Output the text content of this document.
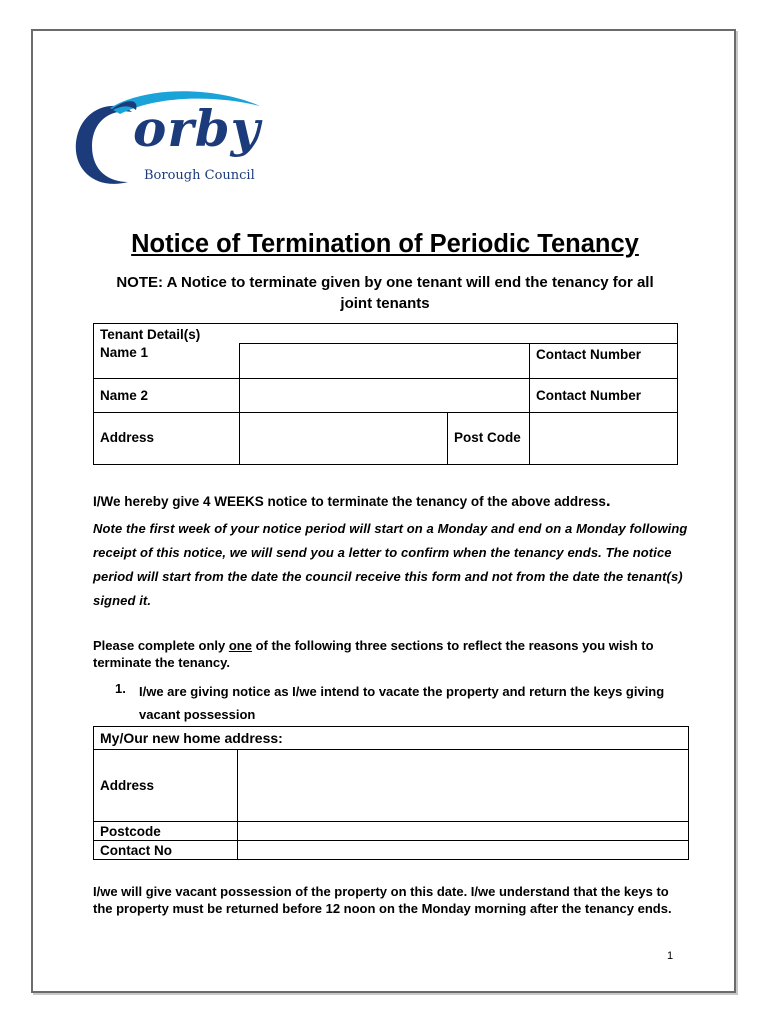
orby
Borough Council
Notice of Termination of Periodic Tenancy
NOTE: A Notice to terminate given by one tenant will end the tenancy for all joint tenants
Tenant Detail(s)			
Name 1			Contact Number
Name 2			Contact Number
Address		Post Code	
I/We hereby give 4 WEEKS notice to terminate the tenancy of the above address.
Note the first week of your notice period will start on a Monday and end on a Monday following receipt of this notice, we will send you a letter to confirm when the tenancy ends. The notice period will start from the date the council receive this form and not from the date the tenant(s) signed it.
Please complete only one of the following three sections to reflect the reasons you wish to terminate the tenancy.
1.	I/we are giving notice as I/we intend to vacate the property and return the keys giving vacant possession
My/Our new home address:	
Address	
Postcode	
Contact No	
I/we will give vacant possession of the property on this date. I/we understand that the keys to the property must be returned before 12 noon on the Monday morning after the tenancy ends.
1
